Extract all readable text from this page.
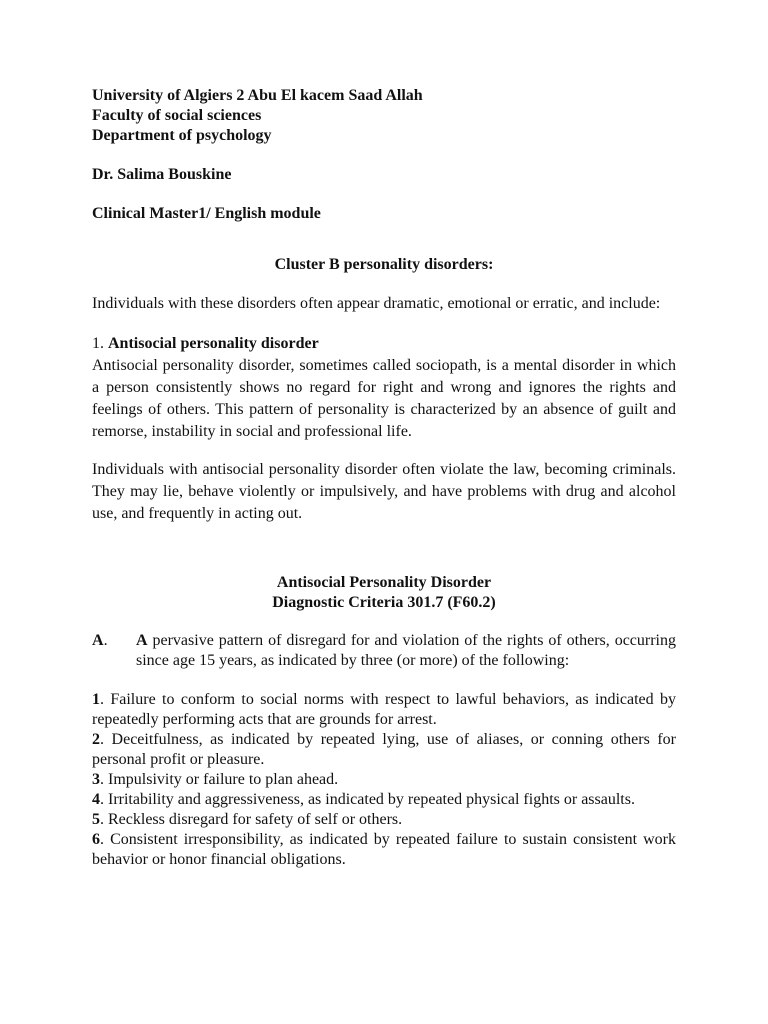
University of Algiers 2 Abu El kacem Saad Allah

Faculty of social sciences

Department of psychology

Dr. Salima Bouskine

Clinical Master1/ English module

Cluster B personality disorders:

Individuals with these disorders often appear dramatic, emotional or erratic, and include:

1. Antisocial personality disorder

Antisocial personality disorder, sometimes called sociopath, is a mental disorder in which a person consistently shows no regard for right and wrong and ignores the rights and feelings of others. This pattern of personality is characterized by an absence of guilt and remorse, instability in social and professional life.

Individuals with antisocial personality disorder often violate the law, becoming criminals. They may lie, behave violently or impulsively, and have problems with drug and alcohol use, and frequently in acting out.

Antisocial Personality Disorder

Diagnostic Criteria 301.7 (F60.2)

A.	A pervasive pattern of disregard for and violation of the rights of others, occurring since age 15 years, as indicated by three (or more) of the following:

1. Failure to conform to social norms with respect to lawful behaviors, as indicated by repeatedly performing acts that are grounds for arrest.

2. Deceitfulness, as indicated by repeated lying, use of aliases, or conning others for personal profit or pleasure.

3. Impulsivity or failure to plan ahead.

4. Irritability and aggressiveness, as indicated by repeated physical fights or assaults.

5. Reckless disregard for safety of self or others.

6. Consistent irresponsibility, as indicated by repeated failure to sustain consistent work behavior or honor financial obligations.
